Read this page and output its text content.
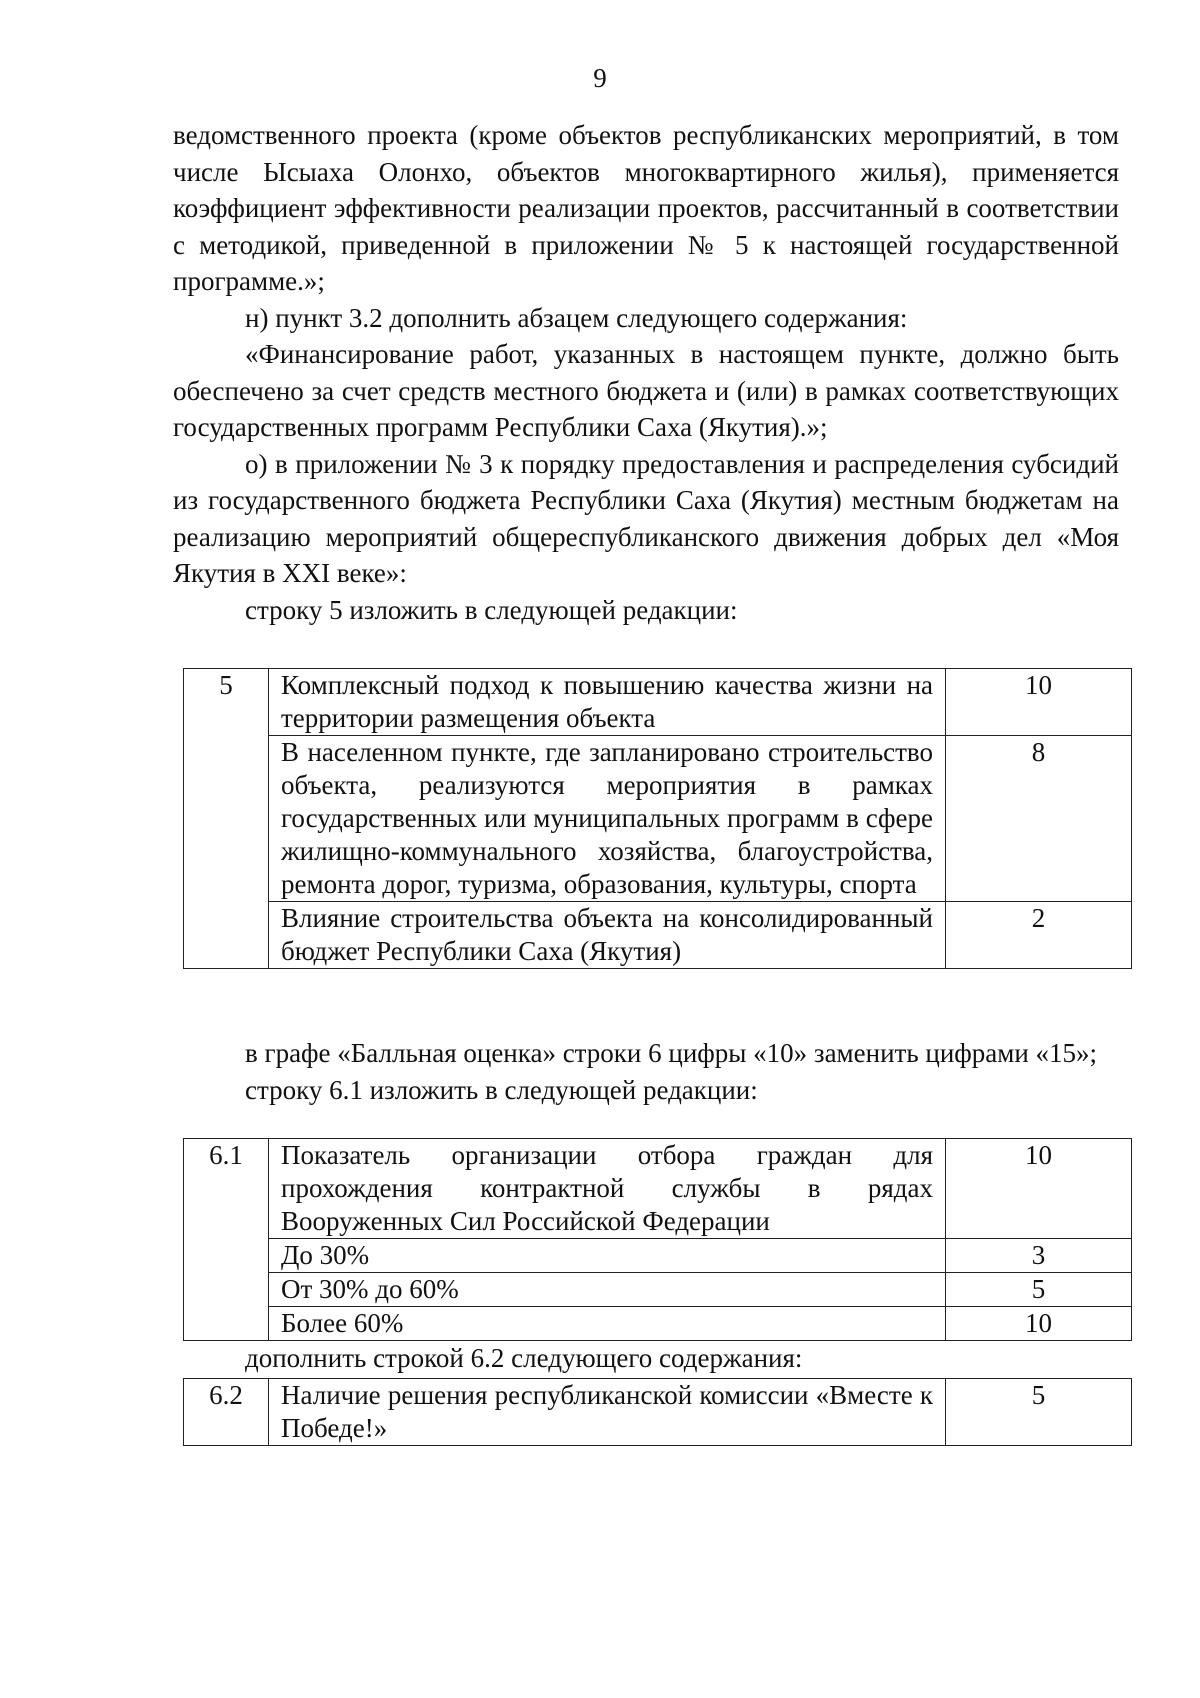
9

ведомственного проекта (кроме объектов республиканских мероприятий, в том числе Ысыаха Олонхо, объектов многоквартирного жилья), применяется коэффициент эффективности реализации проектов, рассчитанный в соответствии с методикой, приведенной в приложении № 5 к настоящей государственной программе.»;

н) пункт 3.2 дополнить абзацем следующего содержания:

«Финансирование работ, указанных в настоящем пункте, должно быть обеспечено за счет средств местного бюджета и (или) в рамках соответствующих государственных программ Республики Саха (Якутия).»;

о) в приложении № 3 к порядку предоставления и распределения субсидий из государственного бюджета Республики Саха (Якутия) местным бюджетам на реализацию мероприятий общереспубликанского движения добрых дел «Моя Якутия в XXI веке»:

строку 5 изложить в следующей редакции:

5	Комплексный подход к повышению качества жизни на территории размещения объекта	10
	В населенном пункте, где запланировано строительство объекта, реализуются мероприятия в рамках государственных или муниципальных программ в сфере жилищно-коммунального хозяйства, благоустройства, ремонта дорог, туризма, образования, культуры, спорта	8
	Влияние строительства объекта на консолидированный бюджет Республики Саха (Якутия)	2

в графе «Балльная оценка» строки 6 цифры «10» заменить цифрами «15»;

строку 6.1 изложить в следующей редакции:

6.1	Показатель организации отбора граждан для прохождения контрактной службы в рядах Вооруженных Сил Российской Федерации	10
	До 30%	3
	От 30% до 60%	5
	Более 60%	10

дополнить строкой 6.2 следующего содержания:

6.2	Наличие решения республиканской комиссии «Вместе к Победе!»	5
